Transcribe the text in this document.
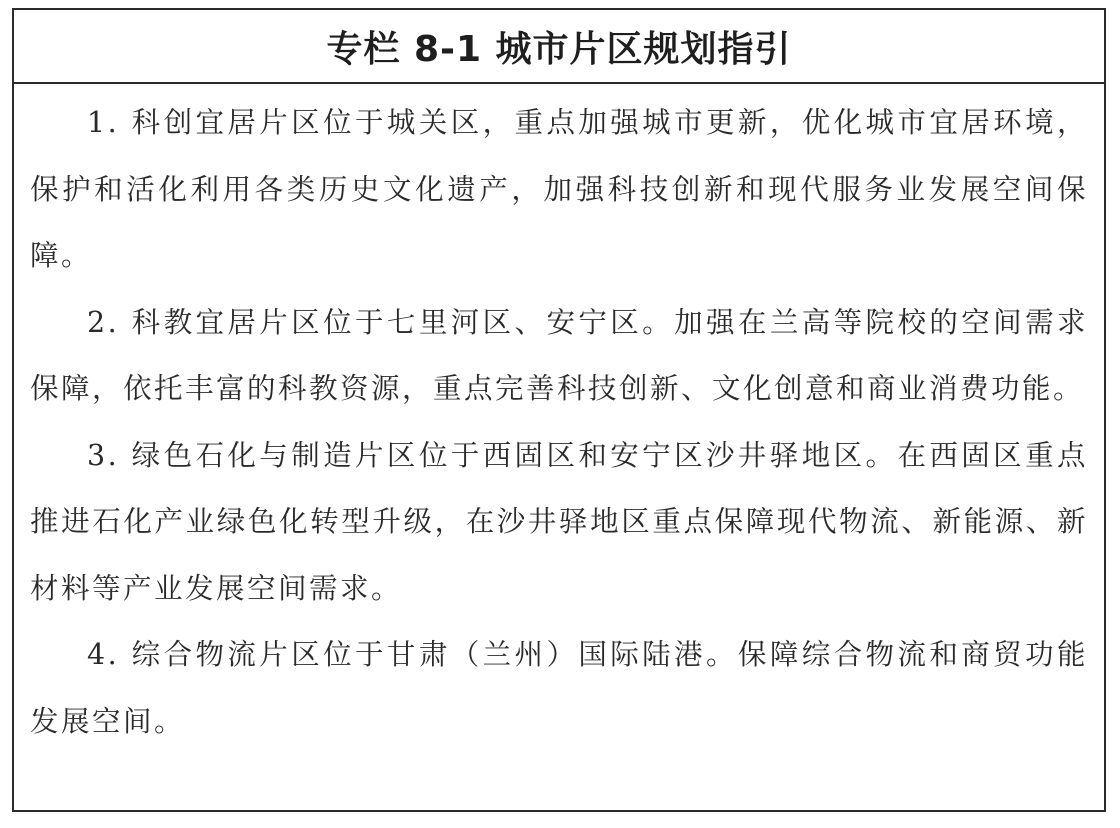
专栏 8-1 城市片区规划指引

1. 科创宜居片区位于城关区，重点加强城市更新，优化城市宜居环境，保护和活化利用各类历史文化遗产，加强科技创新和现代服务业发展空间保障。

2. 科教宜居片区位于七里河区、安宁区。加强在兰高等院校的空间需求保障，依托丰富的科教资源，重点完善科技创新、文化创意和商业消费功能。

3. 绿色石化与制造片区位于西固区和安宁区沙井驿地区。在西固区重点推进石化产业绿色化转型升级，在沙井驿地区重点保障现代物流、新能源、新材料等产业发展空间需求。

4. 综合物流片区位于甘肃（兰州）国际陆港。保障综合物流和商贸功能发展空间。
